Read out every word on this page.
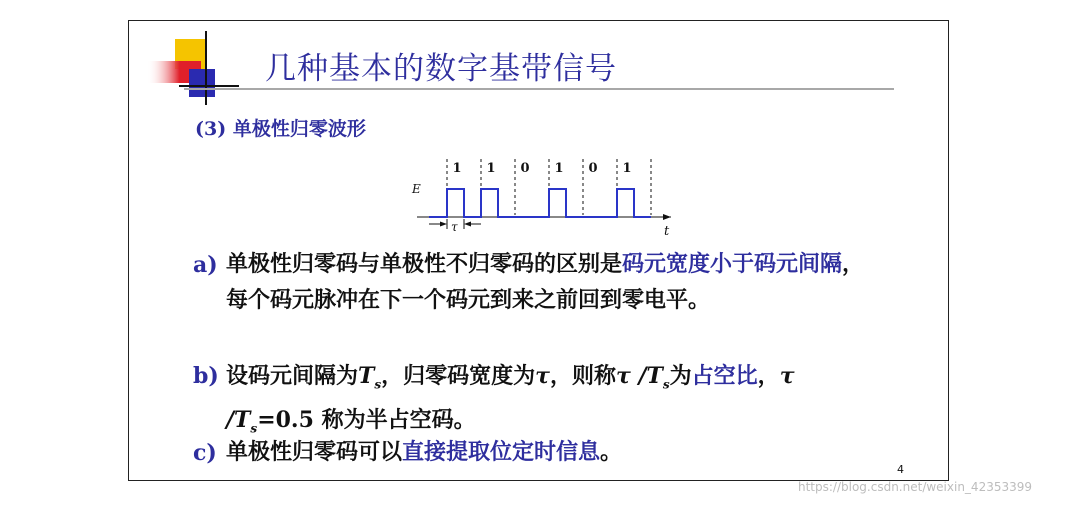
几种基本的数字基带信号
(3) 单极性归零波形
1 1 0 1 0 1
E
t
τ
a) 单极性归零码与单极性不归零码的区别是码元宽度小于码元间隔，每个码元脉冲在下一个码元到来之前回到零电平。
b) 设码元间隔为$T_s$，归零码宽度为τ，则称τ $/T_s$为占空比，τ
$/T_s=0.5$ 称为半占空码。
c) 单极性归零码可以直接提取位定时信息。
4
https://blog.csdn.net/weixin_42353399
